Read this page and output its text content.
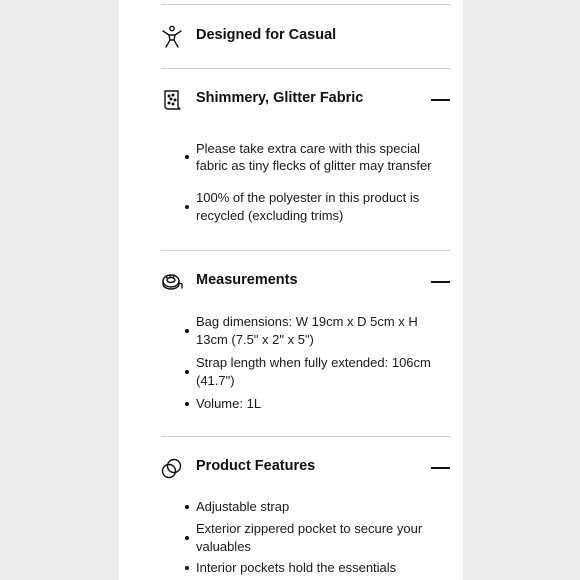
Designed for Casual
Shimmery, Glitter Fabric
Please take extra care with this special fabric as tiny flecks of glitter may transfer
100% of the polyester in this product is recycled (excluding trims)
Measurements
Bag dimensions: W 19cm x D 5cm x H 13cm (7.5" x 2" x 5")
Strap length when fully extended: 106cm (41.7")
Volume: 1L
Product Features
Adjustable strap
Exterior zippered pocket to secure your valuables
Interior pockets hold the essentials
